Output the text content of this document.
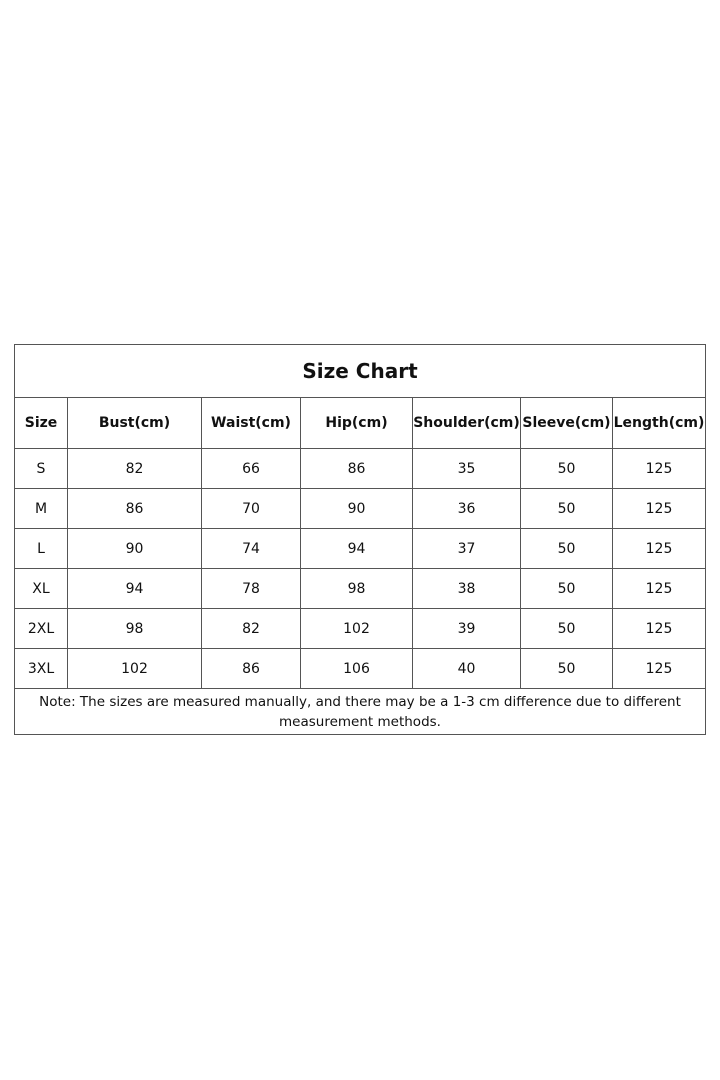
Size Chart						
Size	Bust(cm)	Waist(cm)	Hip(cm)	Shoulder(cm)	Sleeve(cm)	Length(cm)
S	82	66	86	35	50	125
M	86	70	90	36	50	125
L	90	74	94	37	50	125
XL	94	78	98	38	50	125
2XL	98	82	102	39	50	125
3XL	102	86	106	40	50	125
Note: The sizes are measured manually, and there may be a 1-3 cm difference due to different measurement methods.						
